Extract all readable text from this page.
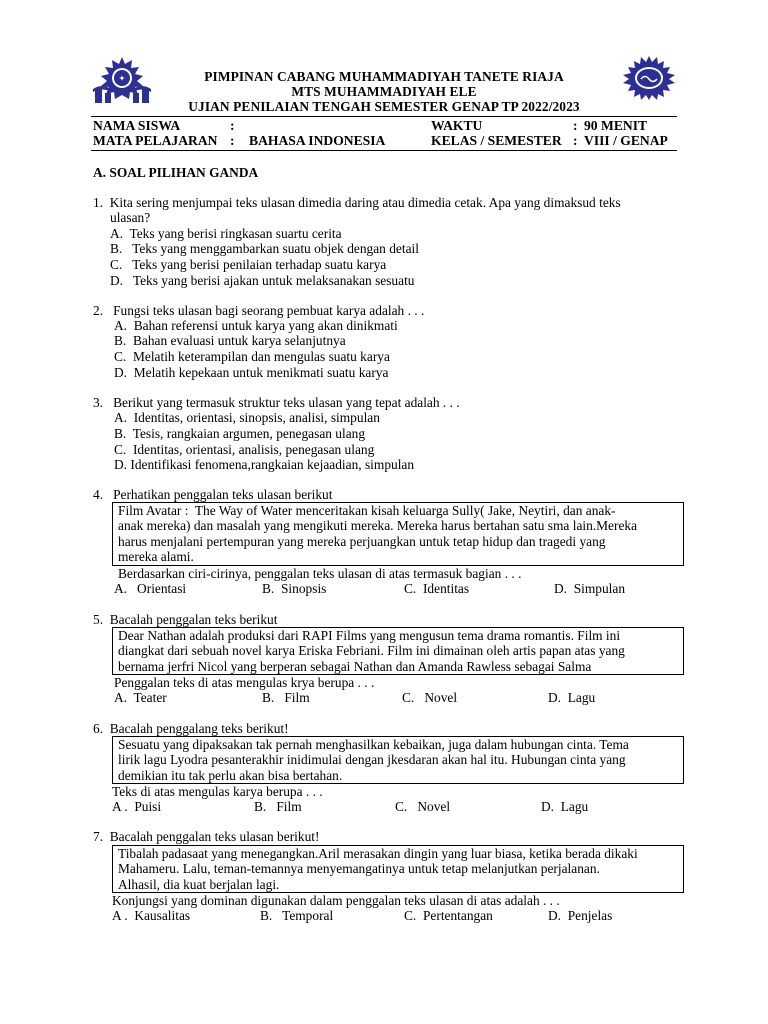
✦	PIMPINAN CABANG MUHAMMADIYAH TANETE RIAJA
MTS MUHAMMADIYAH ELE
UJIAN PENILAIAN TENGAH SEMESTER GENAP TP 2022/2023
NAMA SISWA	:	WAKTU	: 90 MENIT
MATA PELAJARAN : BAHASA INDONESIA	KELAS / SEMESTER : VIII / GENAP
A. SOAL PILIHAN GANDA
1.  Kita sering menjumpai teks ulasan dimedia daring atau dimedia cetak. Apa yang dimaksud teks
ulasan?
A.  Teks yang berisi ringkasan suartu cerita
B.   Teks yang menggambarkan suatu objek dengan detail
C.   Teks yang berisi penilaian terhadap suatu karya
D.   Teks yang berisi ajakan untuk melaksanakan sesuatu
2.   Fungsi teks ulasan bagi seorang pembuat karya adalah . . .
A.  Bahan referensi untuk karya yang akan dinikmati
B.  Bahan evaluasi untuk karya selanjutnya
C.  Melatih keterampilan dan mengulas suatu karya
D.  Melatih kepekaan untuk menikmati suatu karya
3.   Berikut yang termasuk struktur teks ulasan yang tepat adalah . . .
A.  Identitas, orientasi, sinopsis, analisi, simpulan
B.  Tesis, rangkaian argumen, penegasan ulang
C.  Identitas, orientasi, analisis, penegasan ulang
D. Identifikasi fenomena,rangkaian kejaadian, simpulan
4.   Perhatikan penggalan teks ulasan berikut
Film Avatar :  The Way of Water menceritakan kisah keluarga Sully( Jake, Neytiri, dan anak-
anak mereka) dan masalah yang mengikuti mereka. Mereka harus bertahan satu sma lain.Mereka
harus menjalani pertempuran yang mereka perjuangkan untuk tetap hidup dan tragedi yang
mereka alami.
Berdasarkan ciri-cirinya, penggalan teks ulasan di atas termasuk bagian . . .
A.   Orientasi	B.  Sinopsis	C.  Identitas	D.  Simpulan
5.  Bacalah penggalan teks berikut
Dear Nathan adalah produksi dari RAPI Films yang mengusun tema drama romantis. Film ini
diangkat dari sebuah novel karya Eriska Febriani. Film ini dimainan oleh artis papan atas yang
bernama jerfri Nicol yang berperan sebagai Nathan dan Amanda Rawless sebagai Salma
Penggalan teks di atas mengulas krya berupa . . .
A.  Teater	B.   Film	C.   Novel	D.  Lagu
6.  Bacalah penggalang teks berikut!
Sesuatu yang dipaksakan tak pernah menghasilkan kebaikan, juga dalam hubungan cinta. Tema
lirik lagu Lyodra pesanterakhir inidimulai dengan jkesdaran akan hal itu. Hubungan cinta yang
demikian itu tak perlu akan bisa bertahan.
Teks di atas mengulas karya berupa . . .
A .  Puisi	B.   Film	C.   Novel	D.  Lagu
7.  Bacalah penggalan teks ulasan berikut!
Tibalah padasaat yang menegangkan.Aril merasakan dingin yang luar biasa, ketika berada dikaki
Mahameru. Lalu, teman-temannya menyemangatinya untuk tetap melanjutkan perjalanan.
Alhasil, dia kuat berjalan lagi.
Konjungsi yang dominan digunakan dalam penggalan teks ulasan di atas adalah . . .
A .  Kausalitas	B.   Temporal	C.  Pertentangan	D.  Penjelas
